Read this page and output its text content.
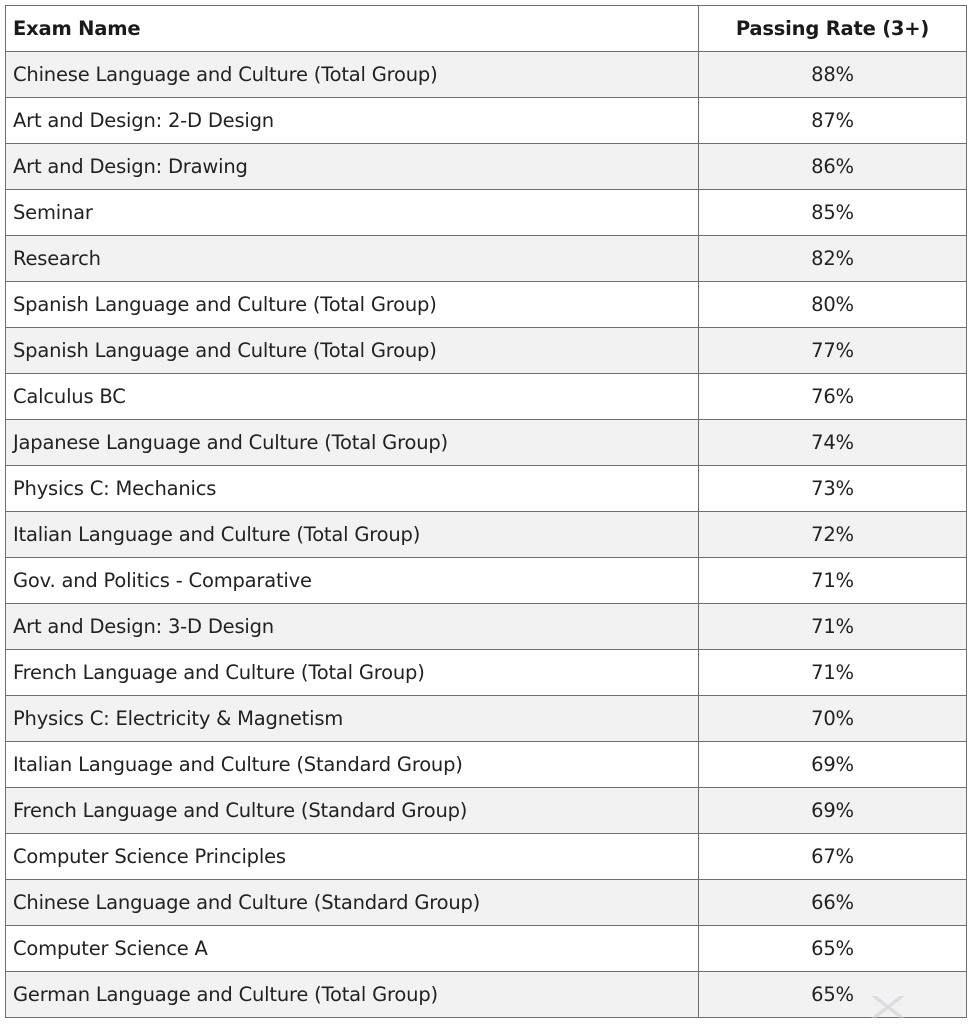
Exam Name	Passing Rate (3+)
Chinese Language and Culture (Total Group)	88%
Art and Design: 2-D Design	87%
Art and Design: Drawing	86%
Seminar	85%
Research	82%
Spanish Language and Culture (Total Group)	80%
Spanish Language and Culture (Total Group)	77%
Calculus BC	76%
Japanese Language and Culture (Total Group)	74%
Physics C: Mechanics	73%
Italian Language and Culture (Total Group)	72%
Gov. and Politics - Comparative	71%
Art and Design: 3-D Design	71%
French Language and Culture (Total Group)	71%
Physics C: Electricity & Magnetism	70%
Italian Language and Culture (Standard Group)	69%
French Language and Culture (Standard Group)	69%
Computer Science Principles	67%
Chinese Language and Culture (Standard Group)	66%
Computer Science A	65%
German Language and Culture (Total Group)	65%
